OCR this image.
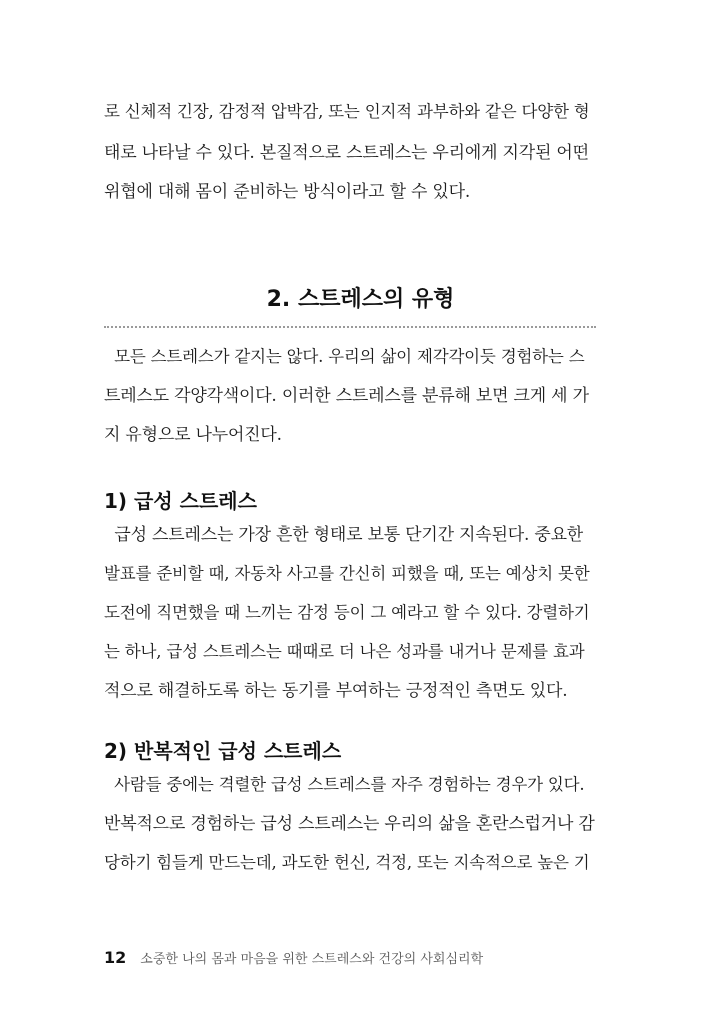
로 신체적 긴장, 감정적 압박감, 또는 인지적 과부하와 같은 다양한 형
태로 나타날 수 있다. 본질적으로 스트레스는 우리에게 지각된 어떤
위협에 대해 몸이 준비하는 방식이라고 할 수 있다.
2. 스트레스의 유형
모든 스트레스가 같지는 않다. 우리의 삶이 제각각이듯 경험하는 스
트레스도 각양각색이다. 이러한 스트레스를 분류해 보면 크게 세 가
지 유형으로 나누어진다.
1) 급성 스트레스
급성 스트레스는 가장 흔한 형태로 보통 단기간 지속된다. 중요한
발표를 준비할 때, 자동차 사고를 간신히 피했을 때, 또는 예상치 못한
도전에 직면했을 때 느끼는 감정 등이 그 예라고 할 수 있다. 강렬하기
는 하나, 급성 스트레스는 때때로 더 나은 성과를 내거나 문제를 효과
적으로 해결하도록 하는 동기를 부여하는 긍정적인 측면도 있다.
2) 반복적인 급성 스트레스
사람들 중에는 격렬한 급성 스트레스를 자주 경험하는 경우가 있다.
반복적으로 경험하는 급성 스트레스는 우리의 삶을 혼란스럽거나 감
당하기 힘들게 만드는데, 과도한 헌신, 걱정, 또는 지속적으로 높은 기
12 소중한 나의 몸과 마음을 위한 스트레스와 건강의 사회심리학
